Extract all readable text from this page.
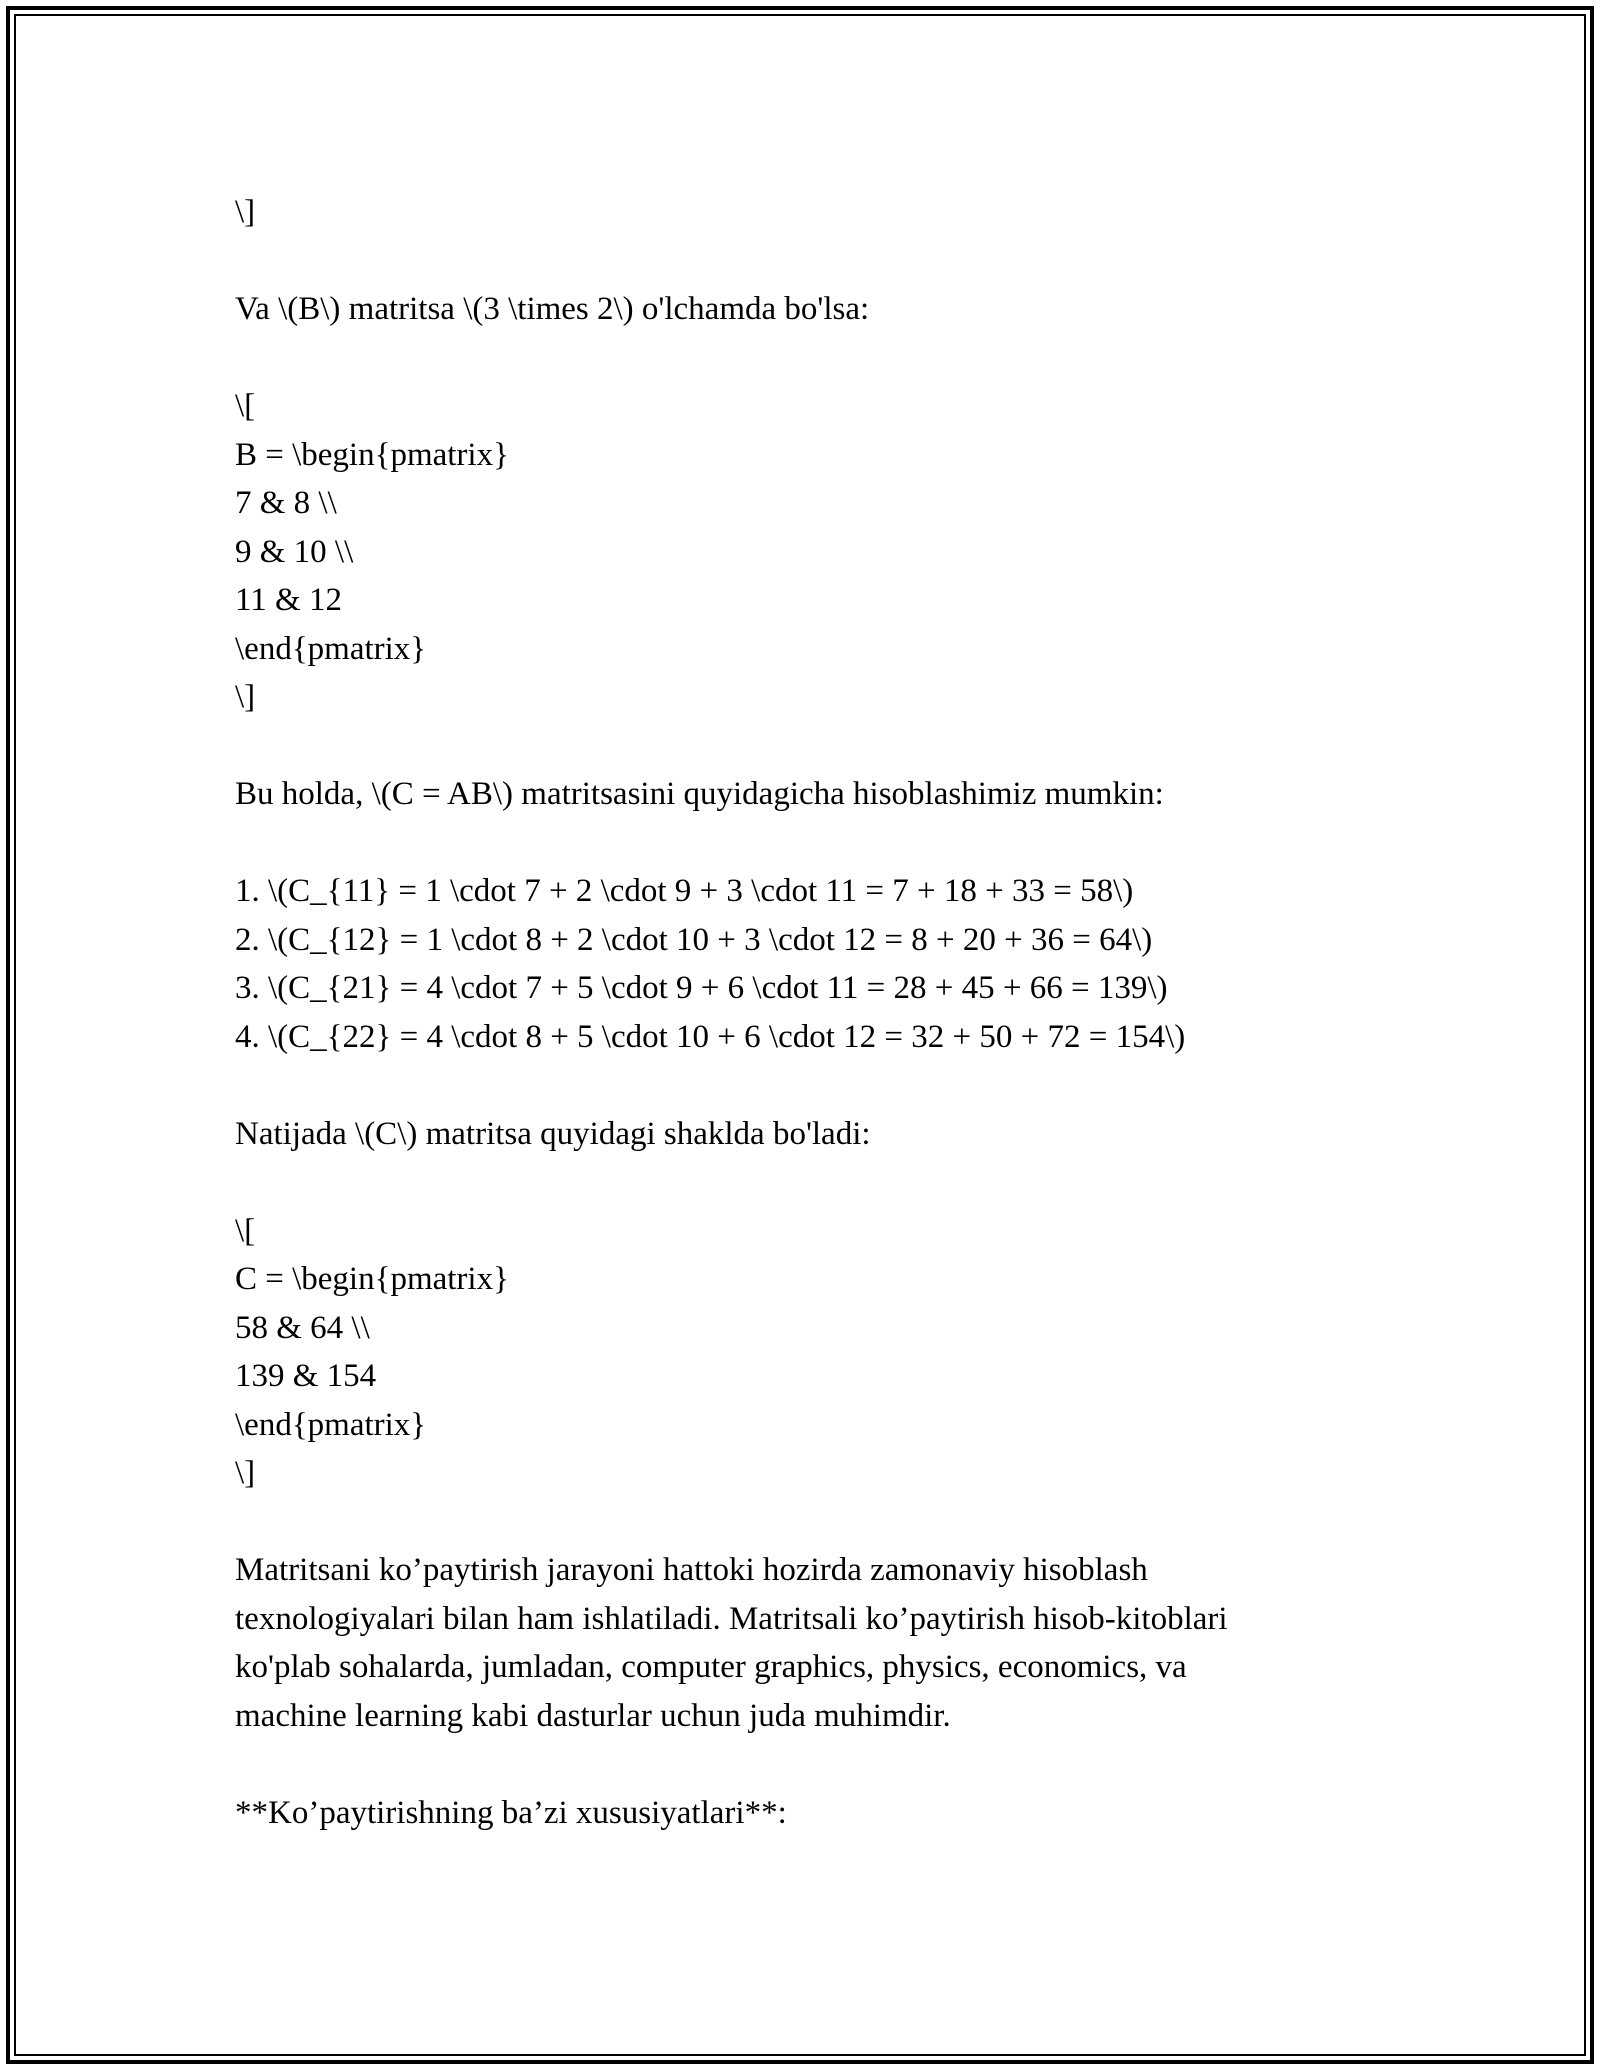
\]
Va \(B\) matritsa \(3 \times 2\) o'lchamda bo'lsa:
\[
B = \begin{pmatrix}
7 & 8 \\
9 & 10 \\
11 & 12
\end{pmatrix}
\]
Bu holda, \(C = AB\) matritsasini quyidagicha hisoblashimiz mumkin:
1. \(C_{11} = 1 \cdot 7 + 2 \cdot 9 + 3 \cdot 11 = 7 + 18 + 33 = 58\)
2. \(C_{12} = 1 \cdot 8 + 2 \cdot 10 + 3 \cdot 12 = 8 + 20 + 36 = 64\)
3. \(C_{21} = 4 \cdot 7 + 5 \cdot 9 + 6 \cdot 11 = 28 + 45 + 66 = 139\)
4. \(C_{22} = 4 \cdot 8 + 5 \cdot 10 + 6 \cdot 12 = 32 + 50 + 72 = 154\)
Natijada \(C\) matritsa quyidagi shaklda bo'ladi:
\[
C = \begin{pmatrix}
58 & 64 \\
139 & 154
\end{pmatrix}
\]
Matritsani ko’paytirish jarayoni hattoki hozirda zamonaviy hisoblash
texnologiyalari bilan ham ishlatiladi. Matritsali ko’paytirish hisob-kitoblari
ko'plab sohalarda, jumladan, computer graphics, physics, economics, va
machine learning kabi dasturlar uchun juda muhimdir.
**Ko’paytirishning ba’zi xususiyatlari**:
